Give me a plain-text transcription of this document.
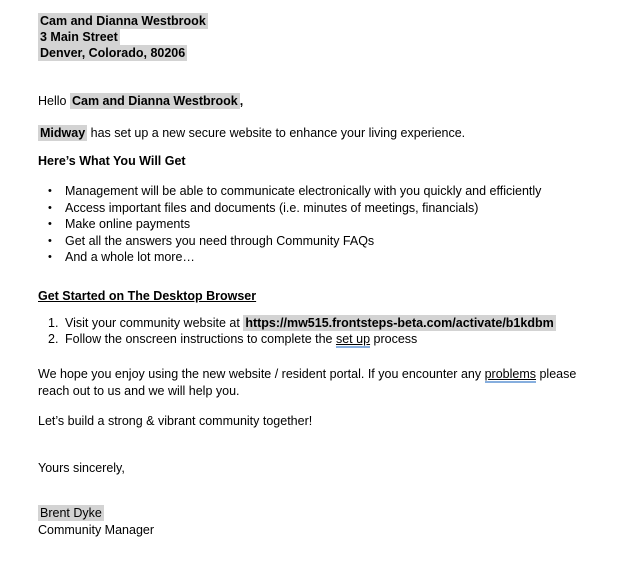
Cam and Dianna Westbrook
3 Main Street
Denver, Colorado, 80206

Hello Cam and Dianna Westbrook ,

Midway has set up a new secure website to enhance your living experience.

Here’s What You Will Get

•	Management will be able to communicate electronically with you quickly and efficiently
•	Access important files and documents (i.e. minutes of meetings, financials)
•	Make online payments
•	Get all the answers you need through Community FAQs
•	And a whole lot more…

Get Started on The Desktop Browser

1. Visit your community website at https://mw515.frontsteps-beta.com/activate/b1kdbm
2. Follow the onscreen instructions to complete the set up process

We hope you enjoy using the new website / resident portal. If you encounter any problems please reach out to us and we will help you.

Let’s build a strong & vibrant community together!

Yours sincerely,

Brent Dyke
Community Manager
